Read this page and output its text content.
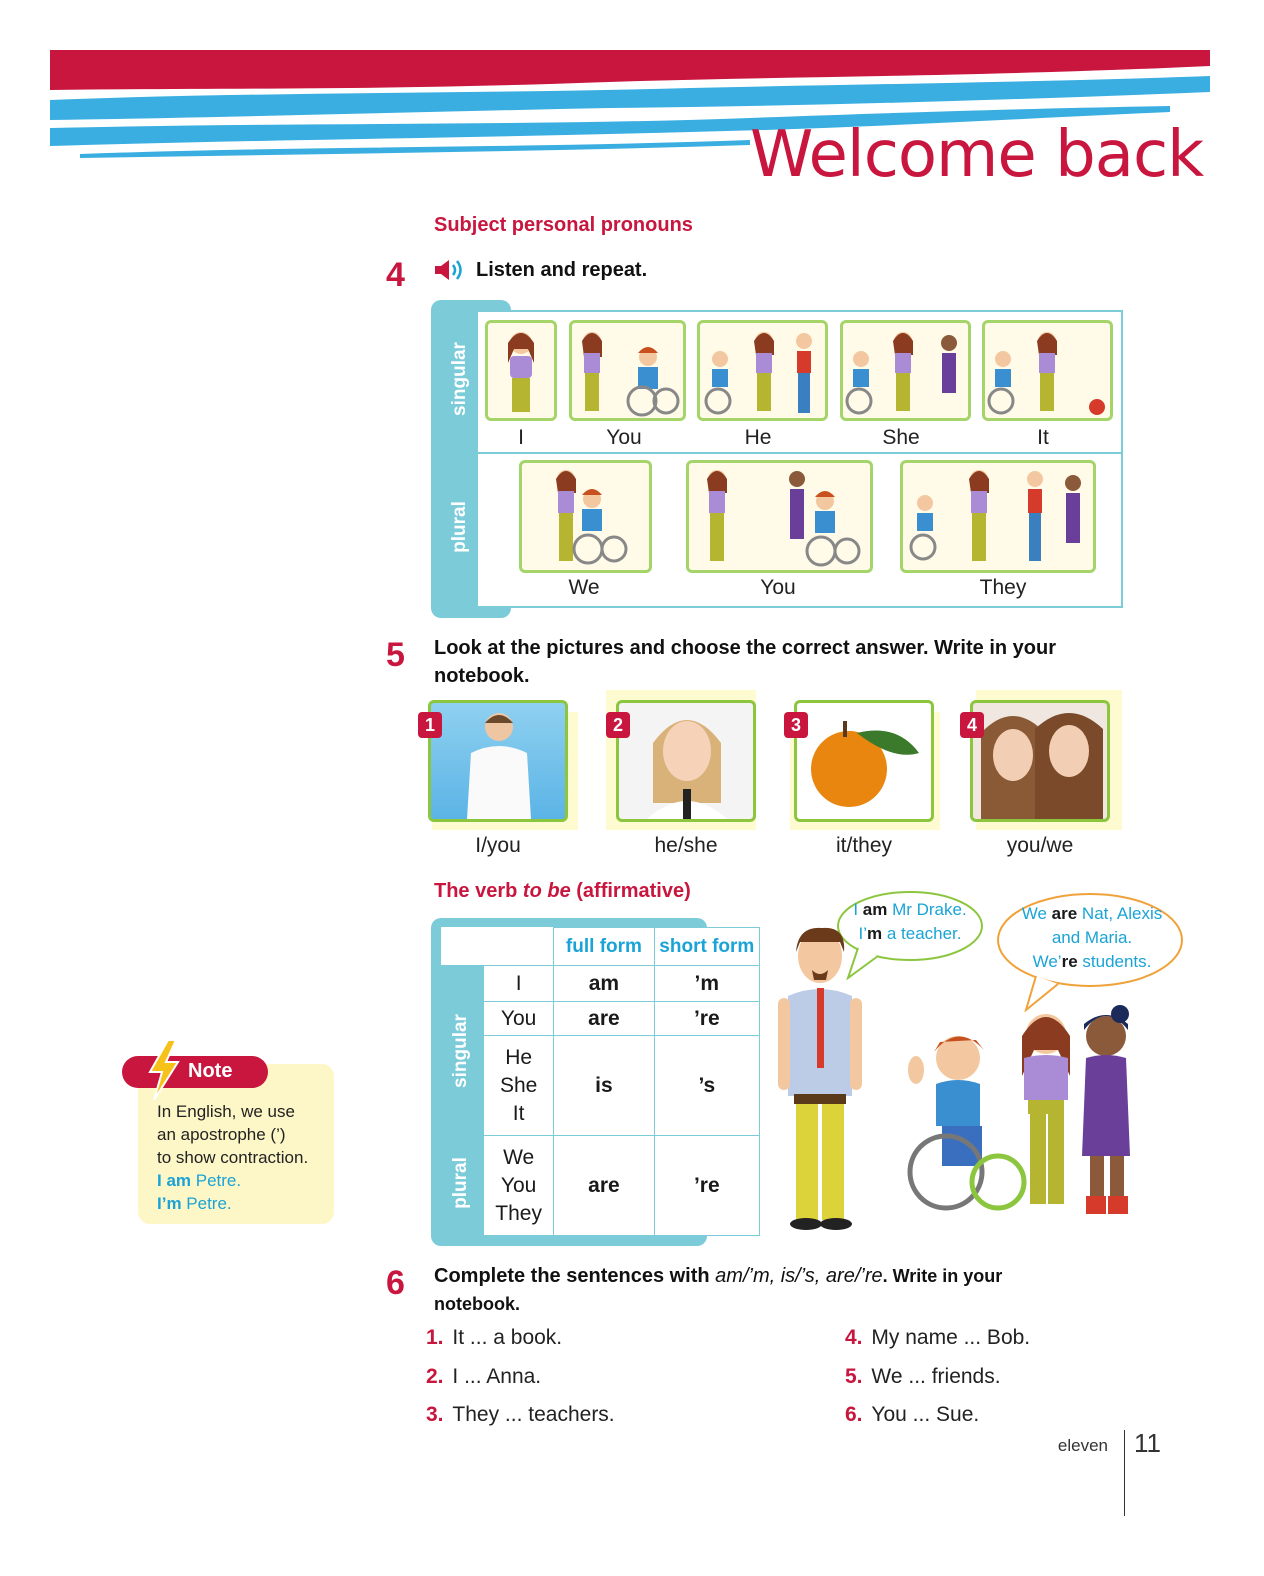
Welcome back
Subject personal pronouns
4	Listen and repeat.
singular
plural
I	You	He	She	It
We	You	They
5 Look at the pictures and choose the correct answer. Write in your notebook.
1	2	3	4
I/you	he/she	it/they	you/we
The verb to be (affirmative)
singular
plural
	full form	short form
I	am	’m
You	are	’re

He
She
It	is	’s

We
You
They	are	’re
I am Mr Drake.
I’m a teacher.
We are Nat, Alexis
and Maria.
We’re students.
Note
In English, we use
an apostrophe (’)
to show contraction.
I am Petre.
I’m Petre.
6 Complete the sentences with am/’m, is/’s, are/’re. Write in your
notebook.
1. It ... a book.
2. I ... Anna.
3. They ... teachers.
4. My name ... Bob.
5. We ... friends.
6. You ... Sue.
eleven 11
